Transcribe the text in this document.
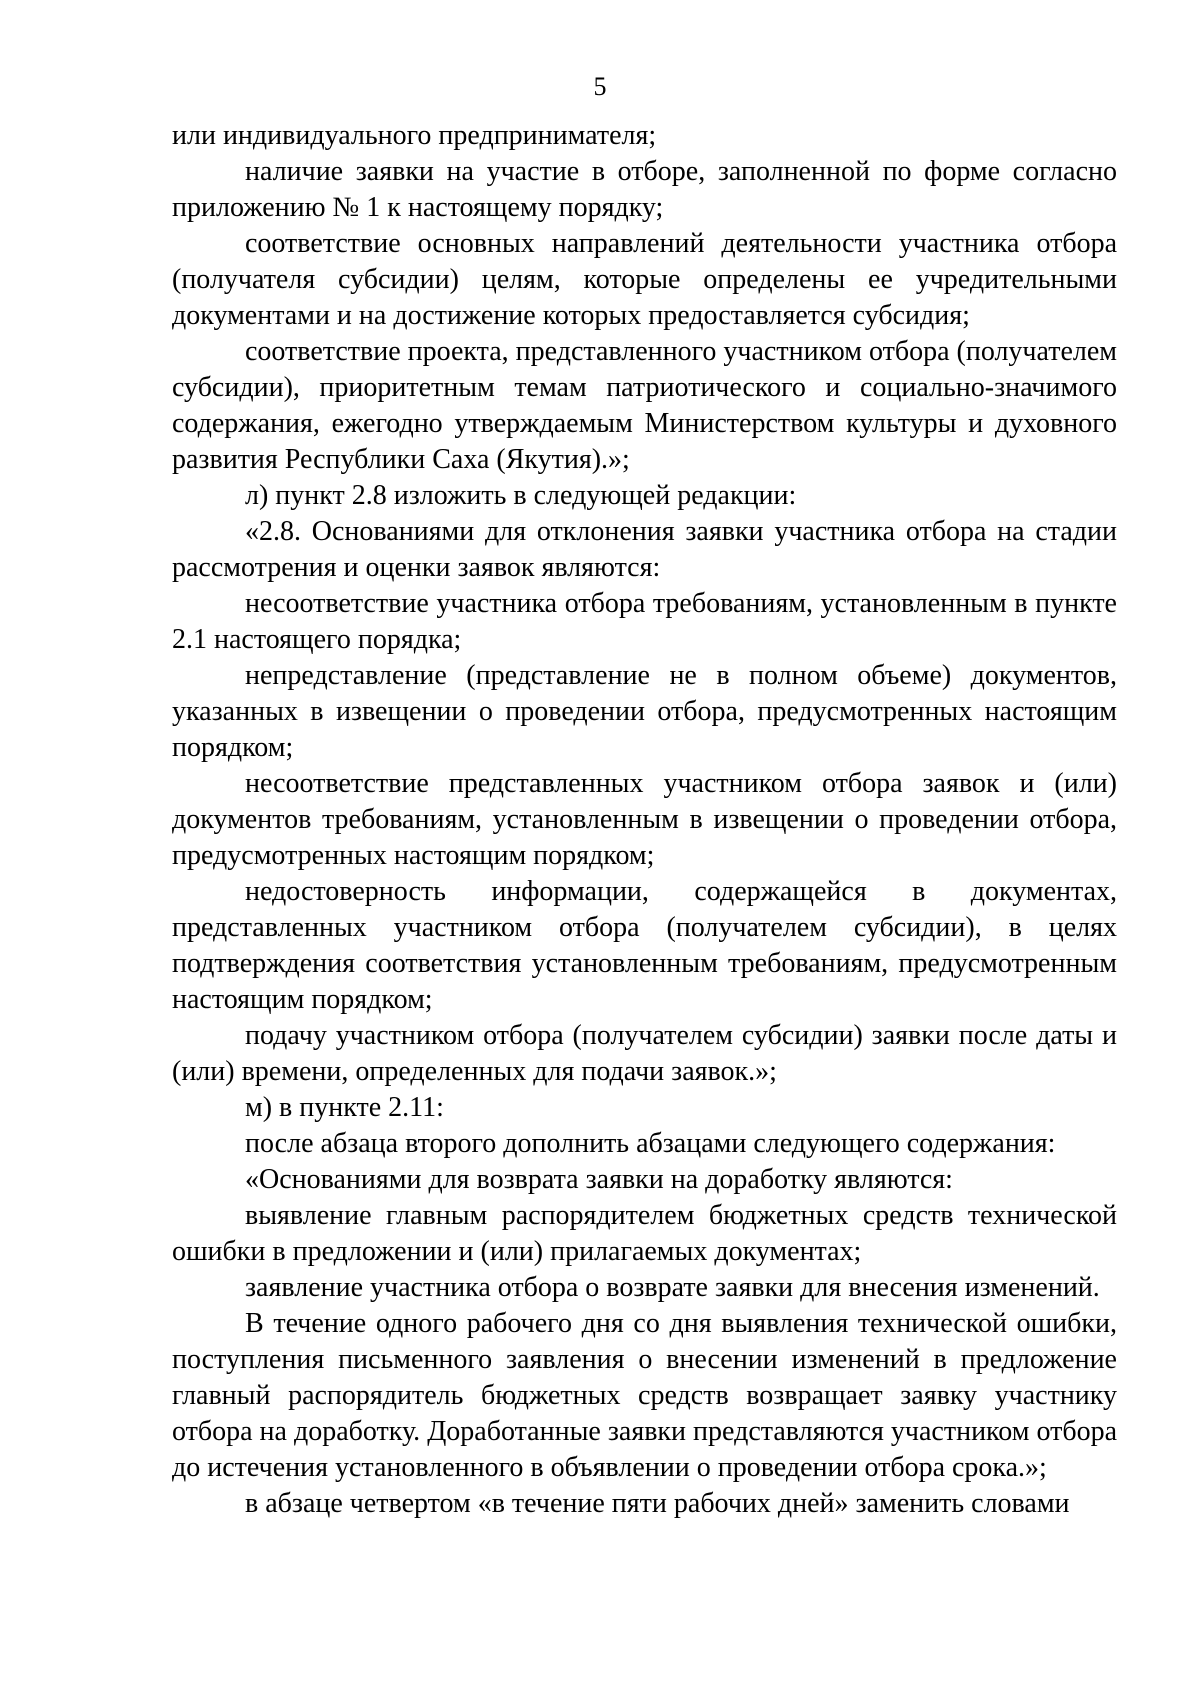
5

или индивидуального предпринимателя;

наличие заявки на участие в отборе, заполненной по форме согласно приложению № 1 к настоящему порядку;

соответствие основных направлений деятельности участника отбора (получателя субсидии) целям, которые определены ее учредительными документами и на достижение которых предоставляется субсидия;

соответствие проекта, представленного участником отбора (получателем субсидии), приоритетным темам патриотического и социально-значимого содержания, ежегодно утверждаемым Министерством культуры и духовного развития Республики Саха (Якутия).»;

л) пункт 2.8 изложить в следующей редакции:

«2.8. Основаниями для отклонения заявки участника отбора на стадии рассмотрения и оценки заявок являются:

несоответствие участника отбора требованиям, установленным в пункте 2.1 настоящего порядка;

непредставление (представление не в полном объеме) документов, указанных в извещении о проведении отбора, предусмотренных настоящим порядком;

несоответствие представленных участником отбора заявок и (или) документов требованиям, установленным в извещении о проведении отбора, предусмотренных настоящим порядком;

недостоверность информации, содержащейся в документах, представленных участником отбора (получателем субсидии), в целях подтверждения соответствия установленным требованиям, предусмотренным настоящим порядком;

подачу участником отбора (получателем субсидии) заявки после даты и (или) времени, определенных для подачи заявок.»;

м) в пункте 2.11:

после абзаца второго дополнить абзацами следующего содержания:

«Основаниями для возврата заявки на доработку являются:

выявление главным распорядителем бюджетных средств технической ошибки в предложении и (или) прилагаемых документах;

заявление участника отбора о возврате заявки для внесения изменений.

В течение одного рабочего дня со дня выявления технической ошибки, поступления письменного заявления о внесении изменений в предложение главный распорядитель бюджетных средств возвращает заявку участнику отбора на доработку. Доработанные заявки представляются участником отбора до истечения установленного в объявлении о проведении отбора срока.»;

в абзаце четвертом «в течение пяти рабочих дней» заменить словами
